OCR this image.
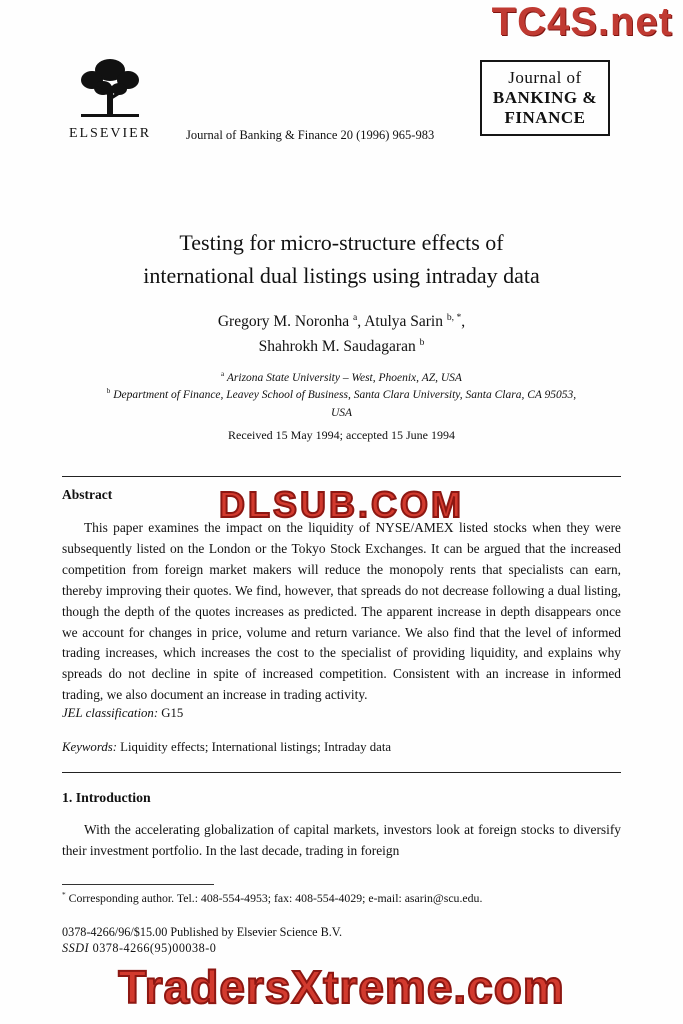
TC4S.net
DLSUB.COM
TradersXtreme.com
ELSEVIER	Journal of Banking & Finance 20 (1996) 965-983
Journal of
BANKING &
FINANCE
Testing for micro-structure effects of
international dual listings using intraday data
Gregory M. Noronha $^a$, Atulya Sarin $^{b, *}$,
Shahrokh M. Saudagaran $^b$
$^a$ Arizona State University – West, Phoenix, AZ, USA
$^b$ Department of Finance, Leavey School of Business, Santa Clara University, Santa Clara, CA 95053,
USA
Received 15 May 1994; accepted 15 June 1994
Abstract
This paper examines the impact on the liquidity of NYSE/AMEX listed stocks when they were subsequently listed on the London or the Tokyo Stock Exchanges. It can be argued that the increased competition from foreign market makers will reduce the monopoly rents that specialists can earn, thereby improving their quotes. We find, however, that spreads do not decrease following a dual listing, though the depth of the quotes increases as predicted. The apparent increase in depth disappears once we account for changes in price, volume and return variance. We also find that the level of informed trading increases, which increases the cost to the specialist of providing liquidity, and explains why spreads do not decline in spite of increased competition. Consistent with an increase in informed trading, we also document an increase in trading activity.
JEL classification: G15
Keywords: Liquidity effects; International listings; Intraday data
1. Introduction
With the accelerating globalization of capital markets, investors look at foreign stocks to diversify their investment portfolio. In the last decade, trading in foreign
* Corresponding author. Tel.: 408-554-4953; fax: 408-554-4029; e-mail: asarin@scu.edu.
0378-4266/96/$15.00 Published by Elsevier Science B.V.
SSDI 0378-4266(95)00038-0
